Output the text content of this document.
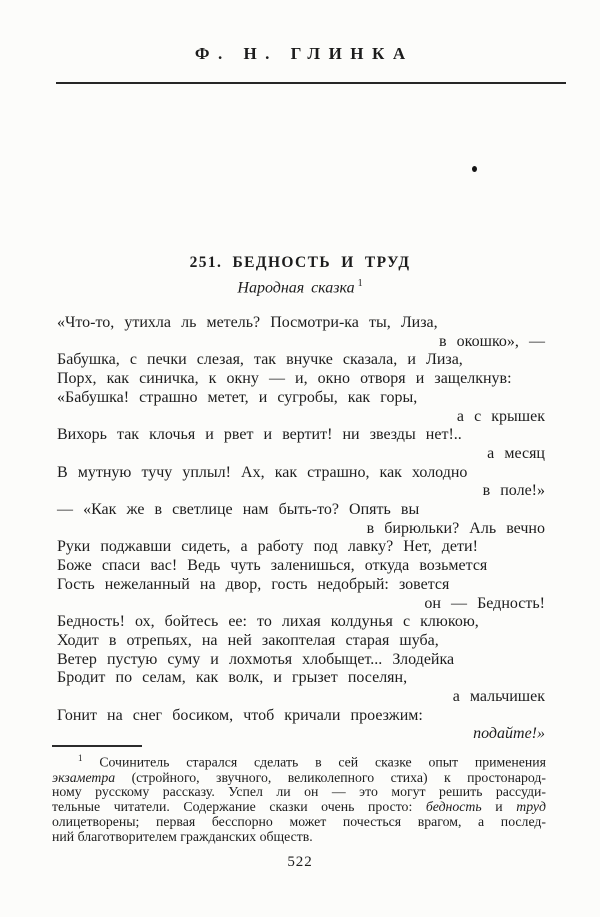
Ф. Н. ГЛИНКА
251. БЕДНОСТЬ И ТРУД
Народная сказка $^1$
«Что-то, утихла ль метель? Посмотри-ка ты, Лиза,
в окошко», —
Бабушка, с печки слезая, так внучке сказала, и Лиза,
Порх, как синичка, к окну — и, окно отворя и защелкнув:
«Бабушка! страшно метет, и сугробы, как горы,
а с крышек
Вихорь так клочья и рвет и вертит! ни звезды нет!..
а месяц
В мутную тучу уплыл! Ах, как страшно, как холодно
в поле!»
— «Как же в светлице нам быть-то? Опять вы
в бирюльки? Аль вечно
Руки поджавши сидеть, а работу под лавку? Нет, дети!
Боже спаси вас! Ведь чуть заленишься, откуда возьмется
Гость нежеланный на двор, гость недобрый: зовется
он — Бедность!
Бедность! ох, бойтесь ее: то лихая колдунья с клюкою,
Ходит в отрепьях, на ней закоптелая старая шуба,
Ветер пустую суму и лохмотья хлобыщет... Злодейка
Бродит по селам, как волк, и грызет поселян,
а мальчишек
Гонит на снег босиком, чтоб кричали проезжим:
подайте!»
$^1$ Сочинитель старался сделать в сей сказке опыт применения
экзаметра (стройного, звучного, великолепного стиха) к простонарод-
ному русскому рассказу. Успел ли он — это могут решить рассуди-
тельные читатели. Содержание сказки очень просто: бедность и труд
олицетворены; первая бесспорно может почесться врагом, а послед-
ний благотворителем гражданских обществ.
522
